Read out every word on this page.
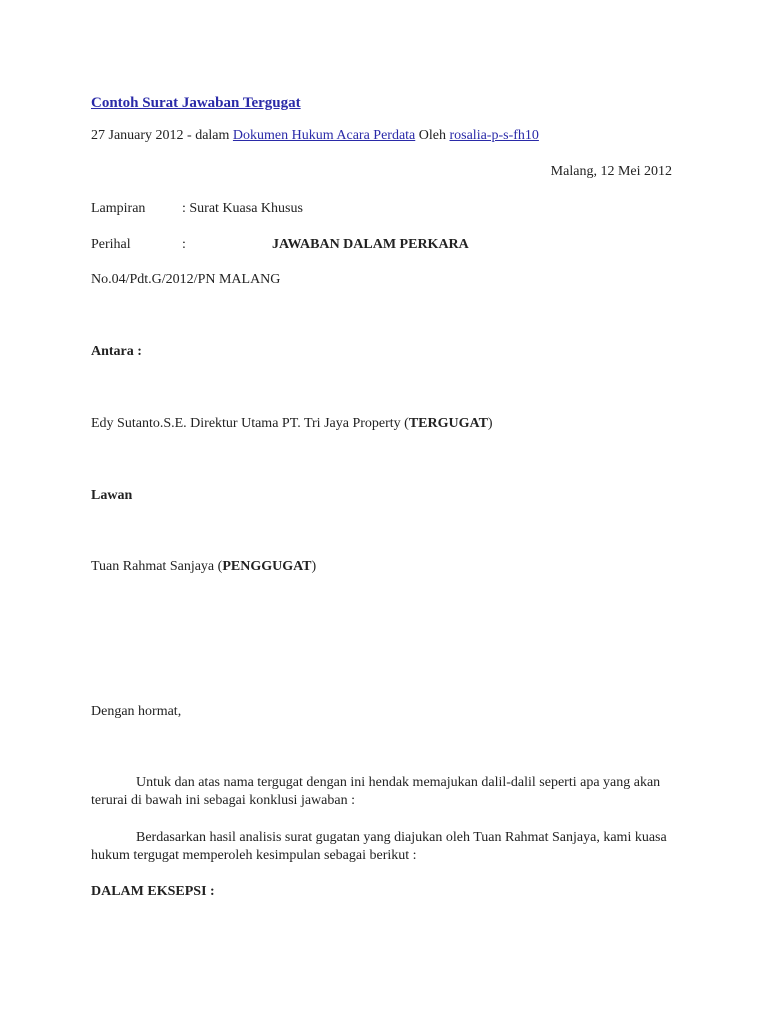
Contoh Surat Jawaban Tergugat
27 January 2012 - dalam Dokumen Hukum Acara Perdata Oleh rosalia-p-s-fh10
Malang, 12 Mei 2012
Lampiran	: Surat Kuasa Khusus
Perihal	:	JAWABAN DALAM PERKARA
No.04/Pdt.G/2012/PN MALANG
Antara :
Edy Sutanto.S.E. Direktur Utama PT. Tri Jaya Property (TERGUGAT)
Lawan
Tuan Rahmat Sanjaya (PENGGUGAT)
Dengan hormat,
Untuk dan atas nama tergugat dengan ini hendak memajukan dalil-dalil seperti apa yang akan terurai di bawah ini sebagai konklusi jawaban :
Berdasarkan hasil analisis surat gugatan yang diajukan oleh Tuan Rahmat Sanjaya, kami kuasa hukum tergugat memperoleh kesimpulan sebagai berikut :
DALAM EKSEPSI :
